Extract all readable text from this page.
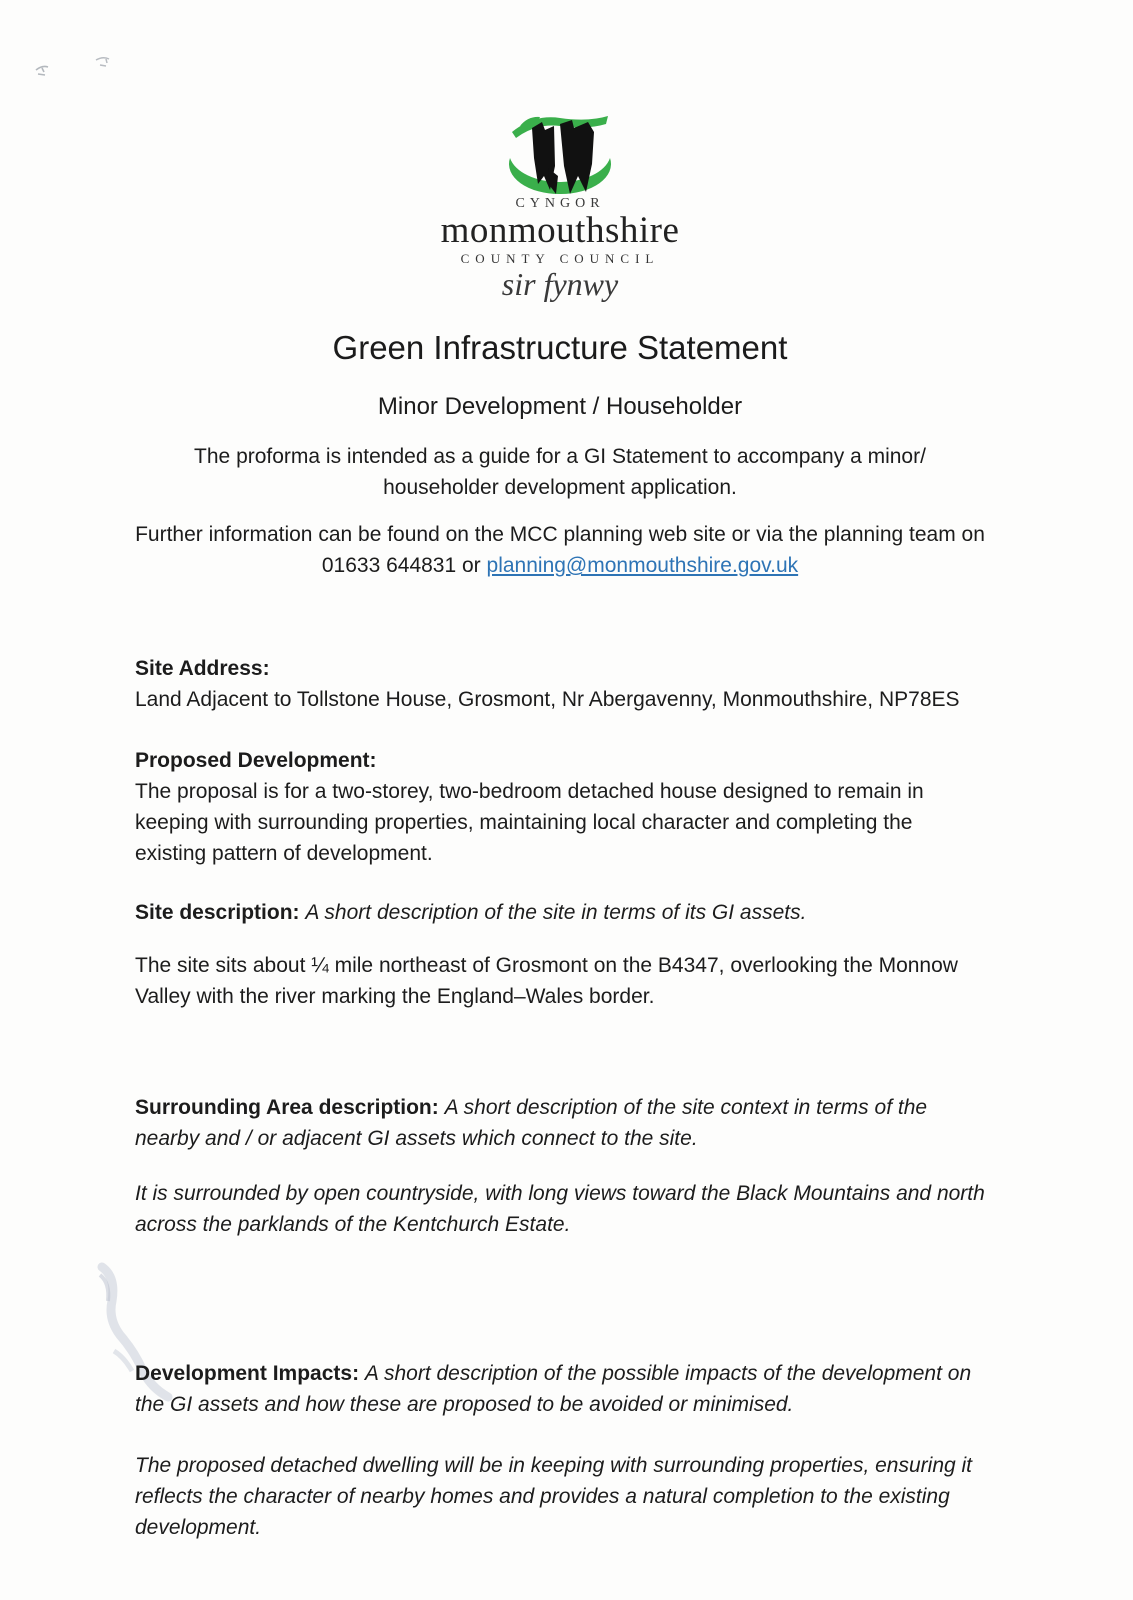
CYNGOR
monmouthshire
COUNTY COUNCIL
sir fynwy
Green Infrastructure Statement
Minor Development / Householder

The proforma is intended as a guide for a GI Statement to accompany a minor/ householder development application.

Further information can be found on the MCC planning web site or via the planning team on 01633 644831 or planning@monmouthshire.gov.uk

Site Address:
Land Adjacent to Tollstone House, Grosmont, Nr Abergavenny, Monmouthshire, NP78ES

Proposed Development:
The proposal is for a two-storey, two-bedroom detached house designed to remain in keeping with surrounding properties, maintaining local character and completing the existing pattern of development.

Site description: A short description of the site in terms of its GI assets.

The site sits about ¼ mile northeast of Grosmont on the B4347, overlooking the Monnow Valley with the river marking the England–Wales border.

Surrounding Area description: A short description of the site context in terms of the nearby and / or adjacent GI assets which connect to the site.

It is surrounded by open countryside, with long views toward the Black Mountains and north across the parklands of the Kentchurch Estate.

Development Impacts: A short description of the possible impacts of the development on the GI assets and how these are proposed to be avoided or minimised.

The proposed detached dwelling will be in keeping with surrounding properties, ensuring it reflects the character of nearby homes and provides a natural completion to the existing development.
